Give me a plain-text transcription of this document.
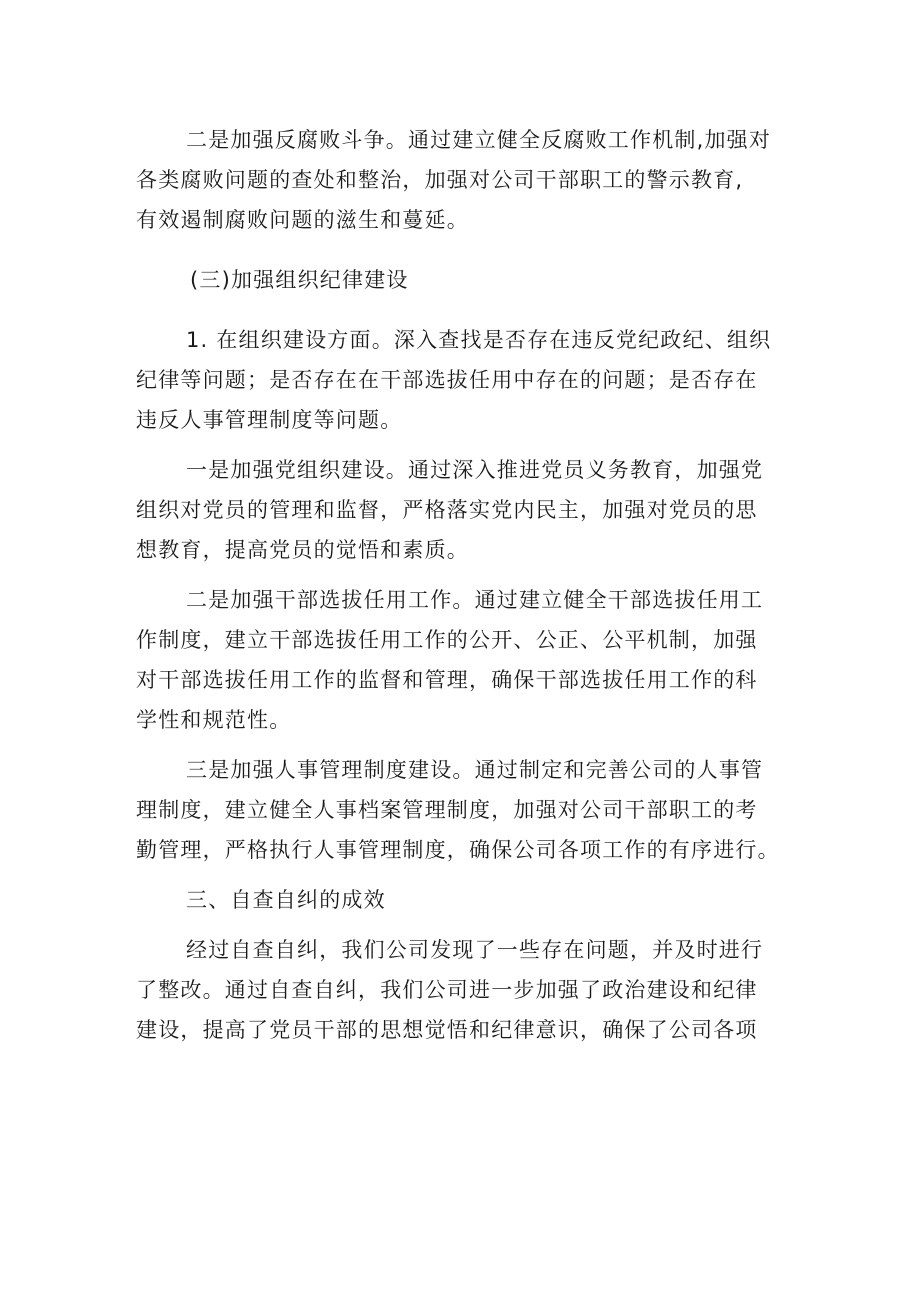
二是加强反腐败斗争。通过建立健全反腐败工作机制,加强对
各类腐败问题的查处和整治，加强对公司干部职工的警示教育,
有效遏制腐败问题的滋生和蔓延。
(三)加强组织纪律建设
1. 在组织建设方面。深入查找是否存在违反党纪政纪、组织
纪律等问题；是否存在在干部选拔任用中存在的问题；是否存在
违反人事管理制度等问题。
一是加强党组织建设。通过深入推进党员义务教育，加强党
组织对党员的管理和监督，严格落实党内民主，加强对党员的思
想教育，提高党员的觉悟和素质。
二是加强干部选拔任用工作。通过建立健全干部选拔任用工
作制度，建立干部选拔任用工作的公开、公正、公平机制，加强
对干部选拔任用工作的监督和管理，确保干部选拔任用工作的科
学性和规范性。
三是加强人事管理制度建设。通过制定和完善公司的人事管
理制度，建立健全人事档案管理制度，加强对公司干部职工的考
勤管理，严格执行人事管理制度，确保公司各项工作的有序进行。
三、自查自纠的成效
经过自查自纠，我们公司发现了一些存在问题，并及时进行
了整改。通过自查自纠，我们公司进一步加强了政治建设和纪律
建设，提高了党员干部的思想觉悟和纪律意识，确保了公司各项
